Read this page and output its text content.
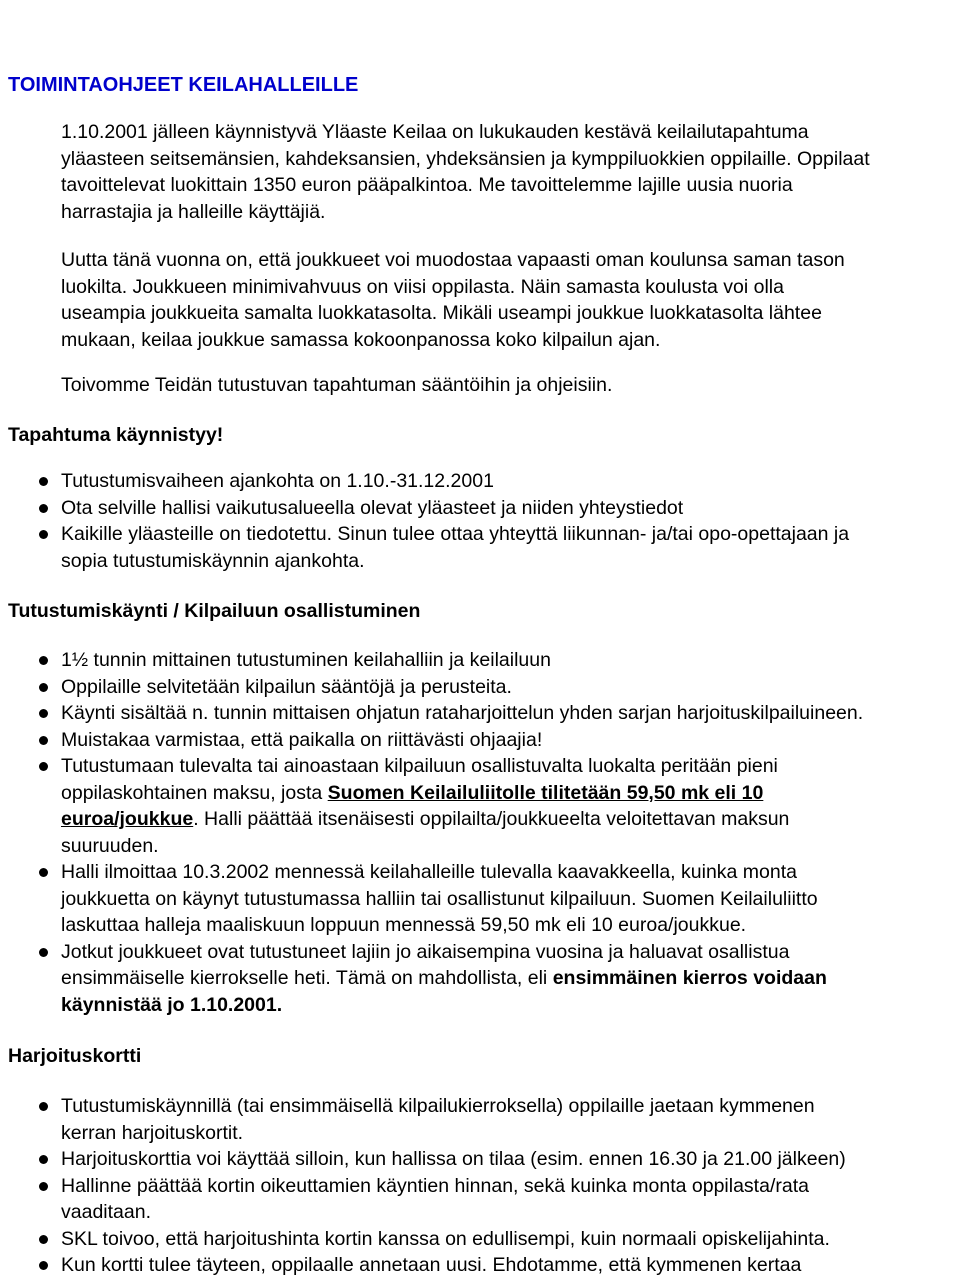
TOIMINTAOHJEET KEILAHALLEILLE
1.10.2001 jälleen käynnistyvä Yläaste Keilaa on lukukauden kestävä keilailutapahtuma
yläasteen seitsemänsien, kahdeksansien, yhdeksänsien ja kymppiluokkien oppilaille. Oppilaat
tavoittelevat luokittain 1350 euron pääpalkintoa. Me tavoittelemme lajille uusia nuoria
harrastajia ja halleille käyttäjiä.
Uutta tänä vuonna on, että joukkueet voi muodostaa vapaasti oman koulunsa saman tason
luokilta. Joukkueen minimivahvuus on viisi oppilasta. Näin samasta koulusta voi olla
useampia joukkueita samalta luokkatasolta. Mikäli useampi joukkue luokkatasolta lähtee
mukaan, keilaa joukkue samassa kokoonpanossa koko kilpailun ajan.
Toivomme Teidän tutustuvan tapahtuman sääntöihin ja ohjeisiin.
Tapahtuma käynnistyy!
Tutustumisvaiheen ajankohta on 1.10.-31.12.2001
Ota selville hallisi vaikutusalueella olevat yläasteet ja niiden yhteystiedot
Kaikille yläasteille on tiedotettu. Sinun tulee ottaa yhteyttä liikunnan- ja/tai opo-opettajaan ja
sopia tutustumiskäynnin ajankohta.
Tutustumiskäynti / Kilpailuun osallistuminen
1½ tunnin mittainen tutustuminen keilahalliin ja keilailuun
Oppilaille selvitetään kilpailun sääntöjä ja perusteita.
Käynti sisältää n. tunnin mittaisen ohjatun rataharjoittelun yhden sarjan harjoituskilpailuineen.
Muistakaa varmistaa, että paikalla on riittävästi ohjaajia!
Tutustumaan tulevalta tai ainoastaan kilpailuun osallistuvalta luokalta peritään pieni
oppilaskohtainen maksu, josta Suomen Keilailuliitolle tilitetään 59,50 mk eli 10
euroa/joukkue. Halli päättää itsenäisesti oppilailta/joukkueelta veloitettavan maksun
suuruuden.
Halli ilmoittaa 10.3.2002 mennessä keilahalleille tulevalla kaavakkeella, kuinka monta
joukkuetta on käynyt tutustumassa halliin tai osallistunut kilpailuun. Suomen Keilailuliitto
laskuttaa halleja maaliskuun loppuun mennessä 59,50 mk eli 10 euroa/joukkue.
Jotkut joukkueet ovat tutustuneet lajiin jo aikaisempina vuosina ja haluavat osallistua
ensimmäiselle kierrokselle heti. Tämä on mahdollista, eli ensimmäinen kierros voidaan
käynnistää jo 1.10.2001.
Harjoituskortti
Tutustumiskäynnillä (tai ensimmäisellä kilpailukierroksella) oppilaille jaetaan kymmenen
kerran harjoituskortit.
Harjoituskorttia voi käyttää silloin, kun hallissa on tilaa (esim. ennen 16.30 ja 21.00 jälkeen)
Hallinne päättää kortin oikeuttamien käyntien hinnan, sekä kuinka monta oppilasta/rata
vaaditaan.
SKL toivoo, että harjoitushinta kortin kanssa on edullisempi, kuin normaali opiskelijahinta.
Kun kortti tulee täyteen, oppilaalle annetaan uusi. Ehdotamme, että kymmenen kertaa
